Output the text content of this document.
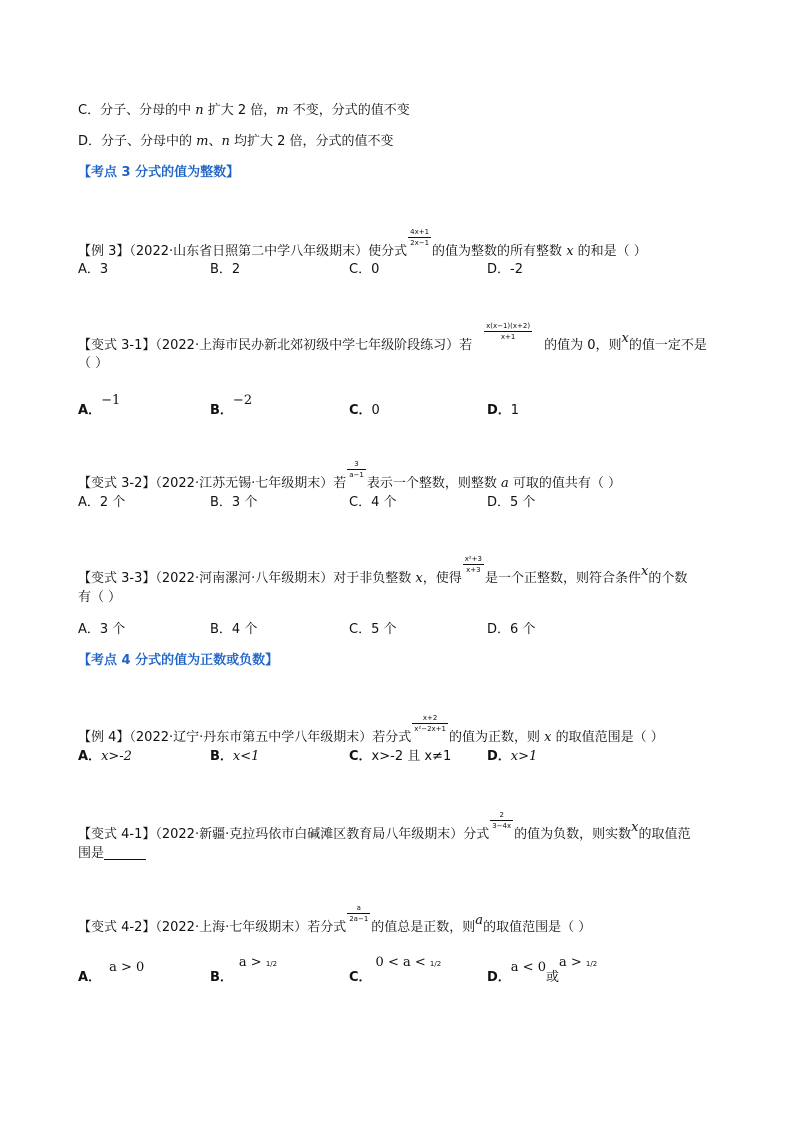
C．分子、分母的中 n 扩大 2 倍，m 不变，分式的值不变
D．分子、分母中的 m、n 均扩大 2 倍，分式的值不变
【考点 3 分式的值为整数】
【例 3】（2022·山东省日照第二中学八年级期末）使分式
$\frac{4x+1}{2x-1}$
的值为整数的所有整数 x 的和是（ ）
A．3	B．2	C．0	D．-2
【变式 3-1】（2022·上海市民办新北郊初级中学七年级阶段练习）若
$\frac{x(x-1)(x+2)}{x+1}$
的值为 0，则x的值一定不是
（ ）
A．−1
B．−2
C．0	D．1
【变式 3-2】（2022·江苏无锡·七年级期末）若
$\frac{3}{a-1}$
表示一个整数，则整数 a 可取的值共有（ ）
A．2 个	B．3 个	C．4 个	D．5 个
【变式 3-3】（2022·河南漯河·八年级期末）对于非负整数 x，使得
$\frac{\text{x²+3}}{x+3}$
是一个正整数，则符合条件x的个数
有（ ）
A．3 个	B．4 个	C．5 个	D．6 个
【考点 4 分式的值为正数或负数】
【例 4】（2022·辽宁·丹东市第五中学八年级期末）若分式
$\frac{x+2}{\text{x²−2x+1}}$
的值为正数，则 x 的取值范围是（ ）
A．x>-2	B．x<1	C．x>-2 且 x≠1	D．x>1
【变式 4-1】（2022·新疆·克拉玛依市白碱滩区教育局八年级期末）分式
$\frac{2}{3-4x}$
的值为负数，则实数x的取值范
围是
【变式 4-2】（2022·上海·七年级期末）若分式
$\frac{a}{2a-1}$
的值总是正数，则a的取值范围是（ ）
A．a > 0
B．a > 1/2
C．0 < a < 1/2
D．a < 0或a > 1/2
